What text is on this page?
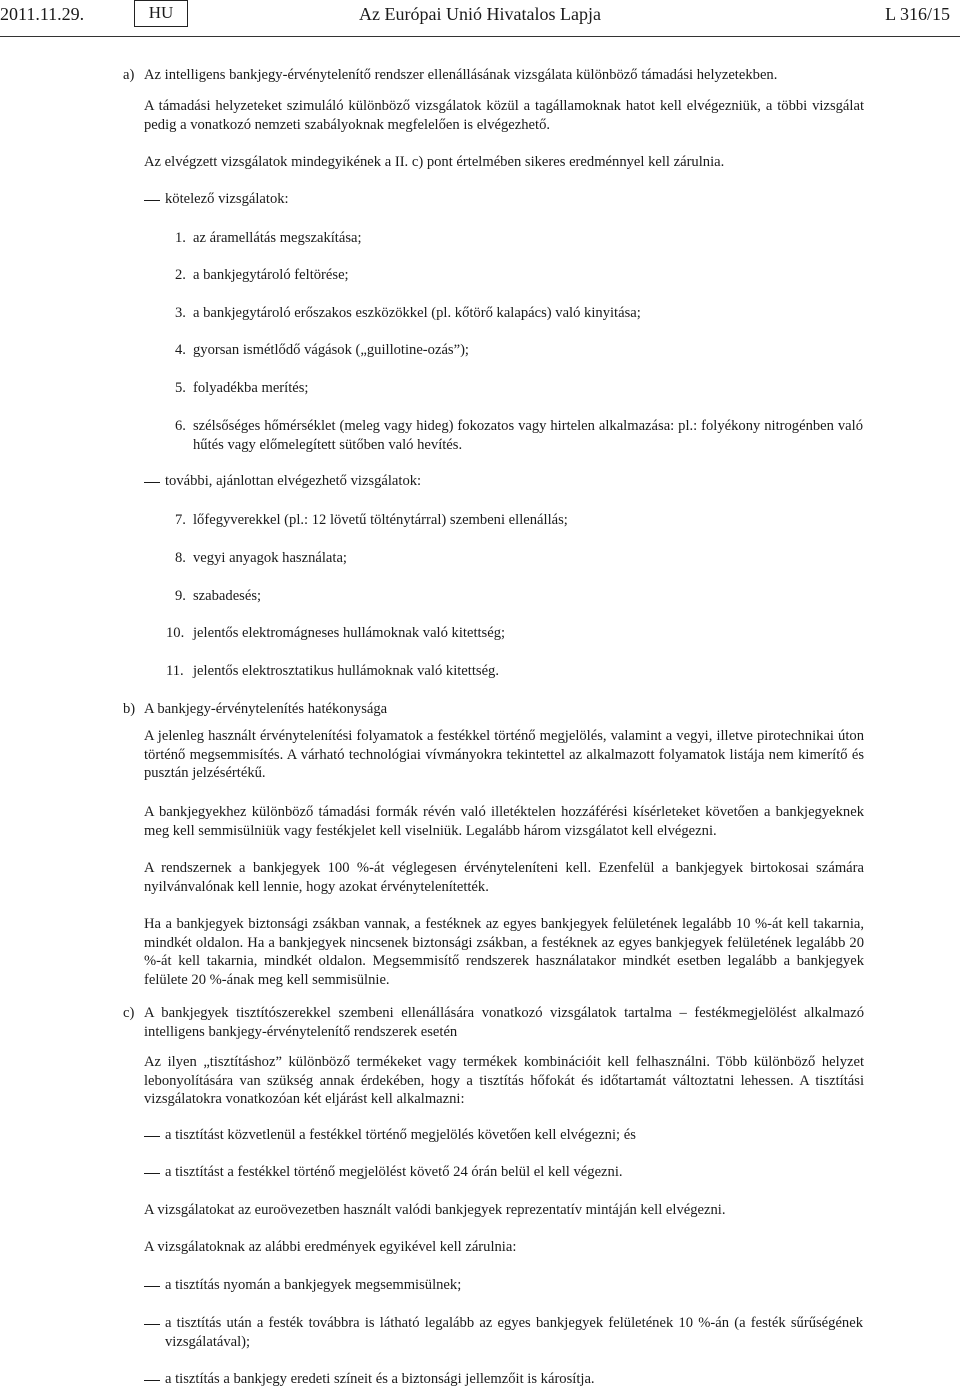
2011.11.29.	HU	Az Európai Unió Hivatalos Lapja	L 316/15
a) Az intelligens bankjegy-érvénytelenítő rendszer ellenállásának vizsgálata különböző támadási helyzetekben.

A támadási helyzeteket szimuláló különböző vizsgálatok közül a tagállamoknak hatot kell elvégezniük, a többi vizsgálat pedig a vonatkozó nemzeti szabályoknak megfelelően is elvégezhető.

Az elvégzett vizsgálatok mindegyikének a II. c) pont értelmében sikeres eredménnyel kell zárulnia.

kötelező vizsgálatok:

1. az áramellátás megszakítása;

2. a bankjegytároló feltörése;

3. a bankjegytároló erőszakos eszközökkel (pl. kőtörő kalapács) való kinyitása;

4. gyorsan ismétlődő vágások („guillotine-ozás”);

5. folyadékba merítés;

6. szélsőséges hőmérséklet (meleg vagy hideg) fokozatos vagy hirtelen alkalmazása: pl.: folyékony nitrogénben való hűtés vagy előmelegített sütőben való hevítés.

további, ajánlottan elvégezhető vizsgálatok:

7. lőfegyverekkel (pl.: 12 lövetű tölténytárral) szembeni ellenállás;

8. vegyi anyagok használata;

9. szabadesés;

10. jelentős elektromágneses hullámoknak való kitettség;

11. jelentős elektrosztatikus hullámoknak való kitettség.

b) A bankjegy-érvénytelenítés hatékonysága

A jelenleg használt érvénytelenítési folyamatok a festékkel történő megjelölés, valamint a vegyi, illetve pirotechnikai úton történő megsemmisítés. A várható technológiai vívmányokra tekintettel az alkalmazott folyamatok listája nem kimerítő és pusztán jelzésértékű.

A bankjegyekhez különböző támadási formák révén való illetéktelen hozzáférési kísérleteket követően a bankjegyeknek meg kell semmisülniük vagy festékjelet kell viselniük. Legalább három vizsgálatot kell elvégezni.

A rendszernek a bankjegyek 100 %-át véglegesen érvényteleníteni kell. Ezenfelül a bankjegyek birtokosai számára nyilvánvalónak kell lennie, hogy azokat érvénytelenítették.

Ha a bankjegyek biztonsági zsákban vannak, a festéknek az egyes bankjegyek felületének legalább 10 %-át kell takarnia, mindkét oldalon. Ha a bankjegyek nincsenek biztonsági zsákban, a festéknek az egyes bankjegyek felületének legalább 20 %-át kell takarnia, mindkét oldalon. Megsemmisítő rendszerek használatakor mindkét esetben legalább a bankjegyek felülete 20 %-ának meg kell semmisülnie.

c) A bankjegyek tisztítószerekkel szembeni ellenállására vonatkozó vizsgálatok tartalma – festékmegjelölést alkalmazó intelligens bankjegy-érvénytelenítő rendszerek esetén

Az ilyen „tisztításhoz” különböző termékeket vagy termékek kombinációit kell felhasználni. Több különböző helyzet lebonyolítására van szükség annak érdekében, hogy a tisztítás hőfokát és időtartamát változtatni lehessen. A tisztítási vizsgálatokra vonatkozóan két eljárást kell alkalmazni:

a tisztítást közvetlenül a festékkel történő megjelölés követően kell elvégezni; és

a tisztítást a festékkel történő megjelölést követő 24 órán belül el kell végezni.

A vizsgálatokat az euroövezetben használt valódi bankjegyek reprezentatív mintáján kell elvégezni.

A vizsgálatoknak az alábbi eredmények egyikével kell zárulnia:

a tisztítás nyomán a bankjegyek megsemmisülnek;

a tisztítás után a festék továbbra is látható legalább az egyes bankjegyek felületének 10 %-án (a festék sűrűségének vizsgálatával);

a tisztítás a bankjegy eredeti színeit és a biztonsági jellemzőit is károsítja.
